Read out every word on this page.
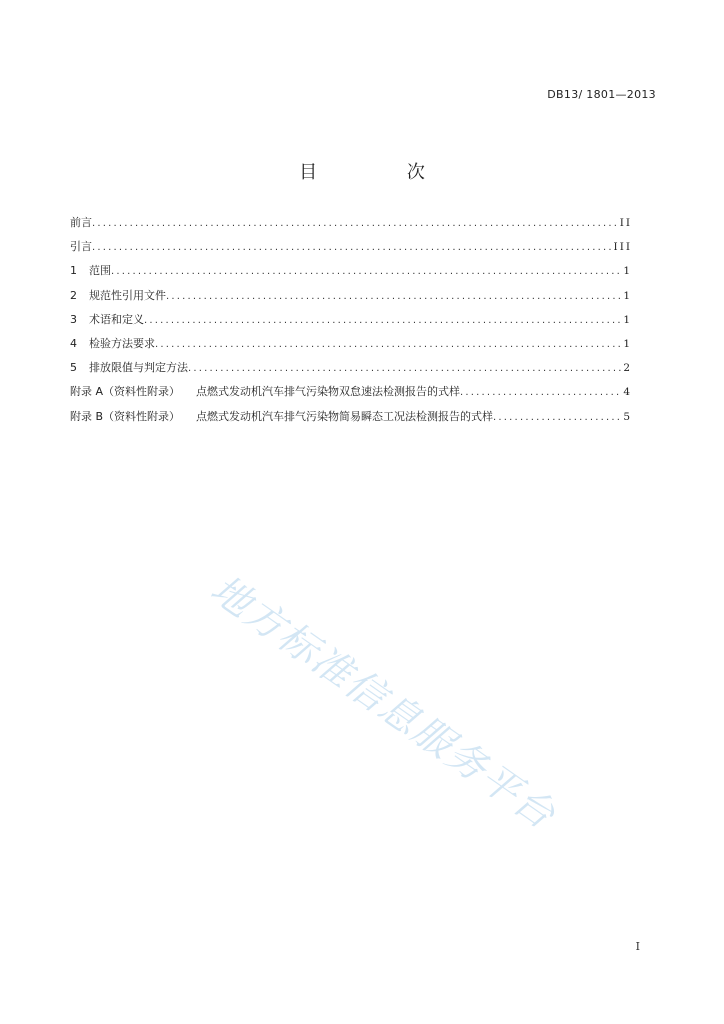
DB13/ 1801—2013
目 次
前言 .....	II
引言 .....	III
1	范围 .....	1
2	规范性引用文件 .....	1
3	术语和定义 .....	1
4	检验方法要求 .....	1
5	排放限值与判定方法 .....	2
附录 A（资料性附录） 点燃式发动机汽车排气污染物双怠速法检测报告的式样 .....	4
附录 B（资料性附录） 点燃式发动机汽车排气污染物简易瞬态工况法检测报告的式样 .....	5
地方标准信息服务平台
I
